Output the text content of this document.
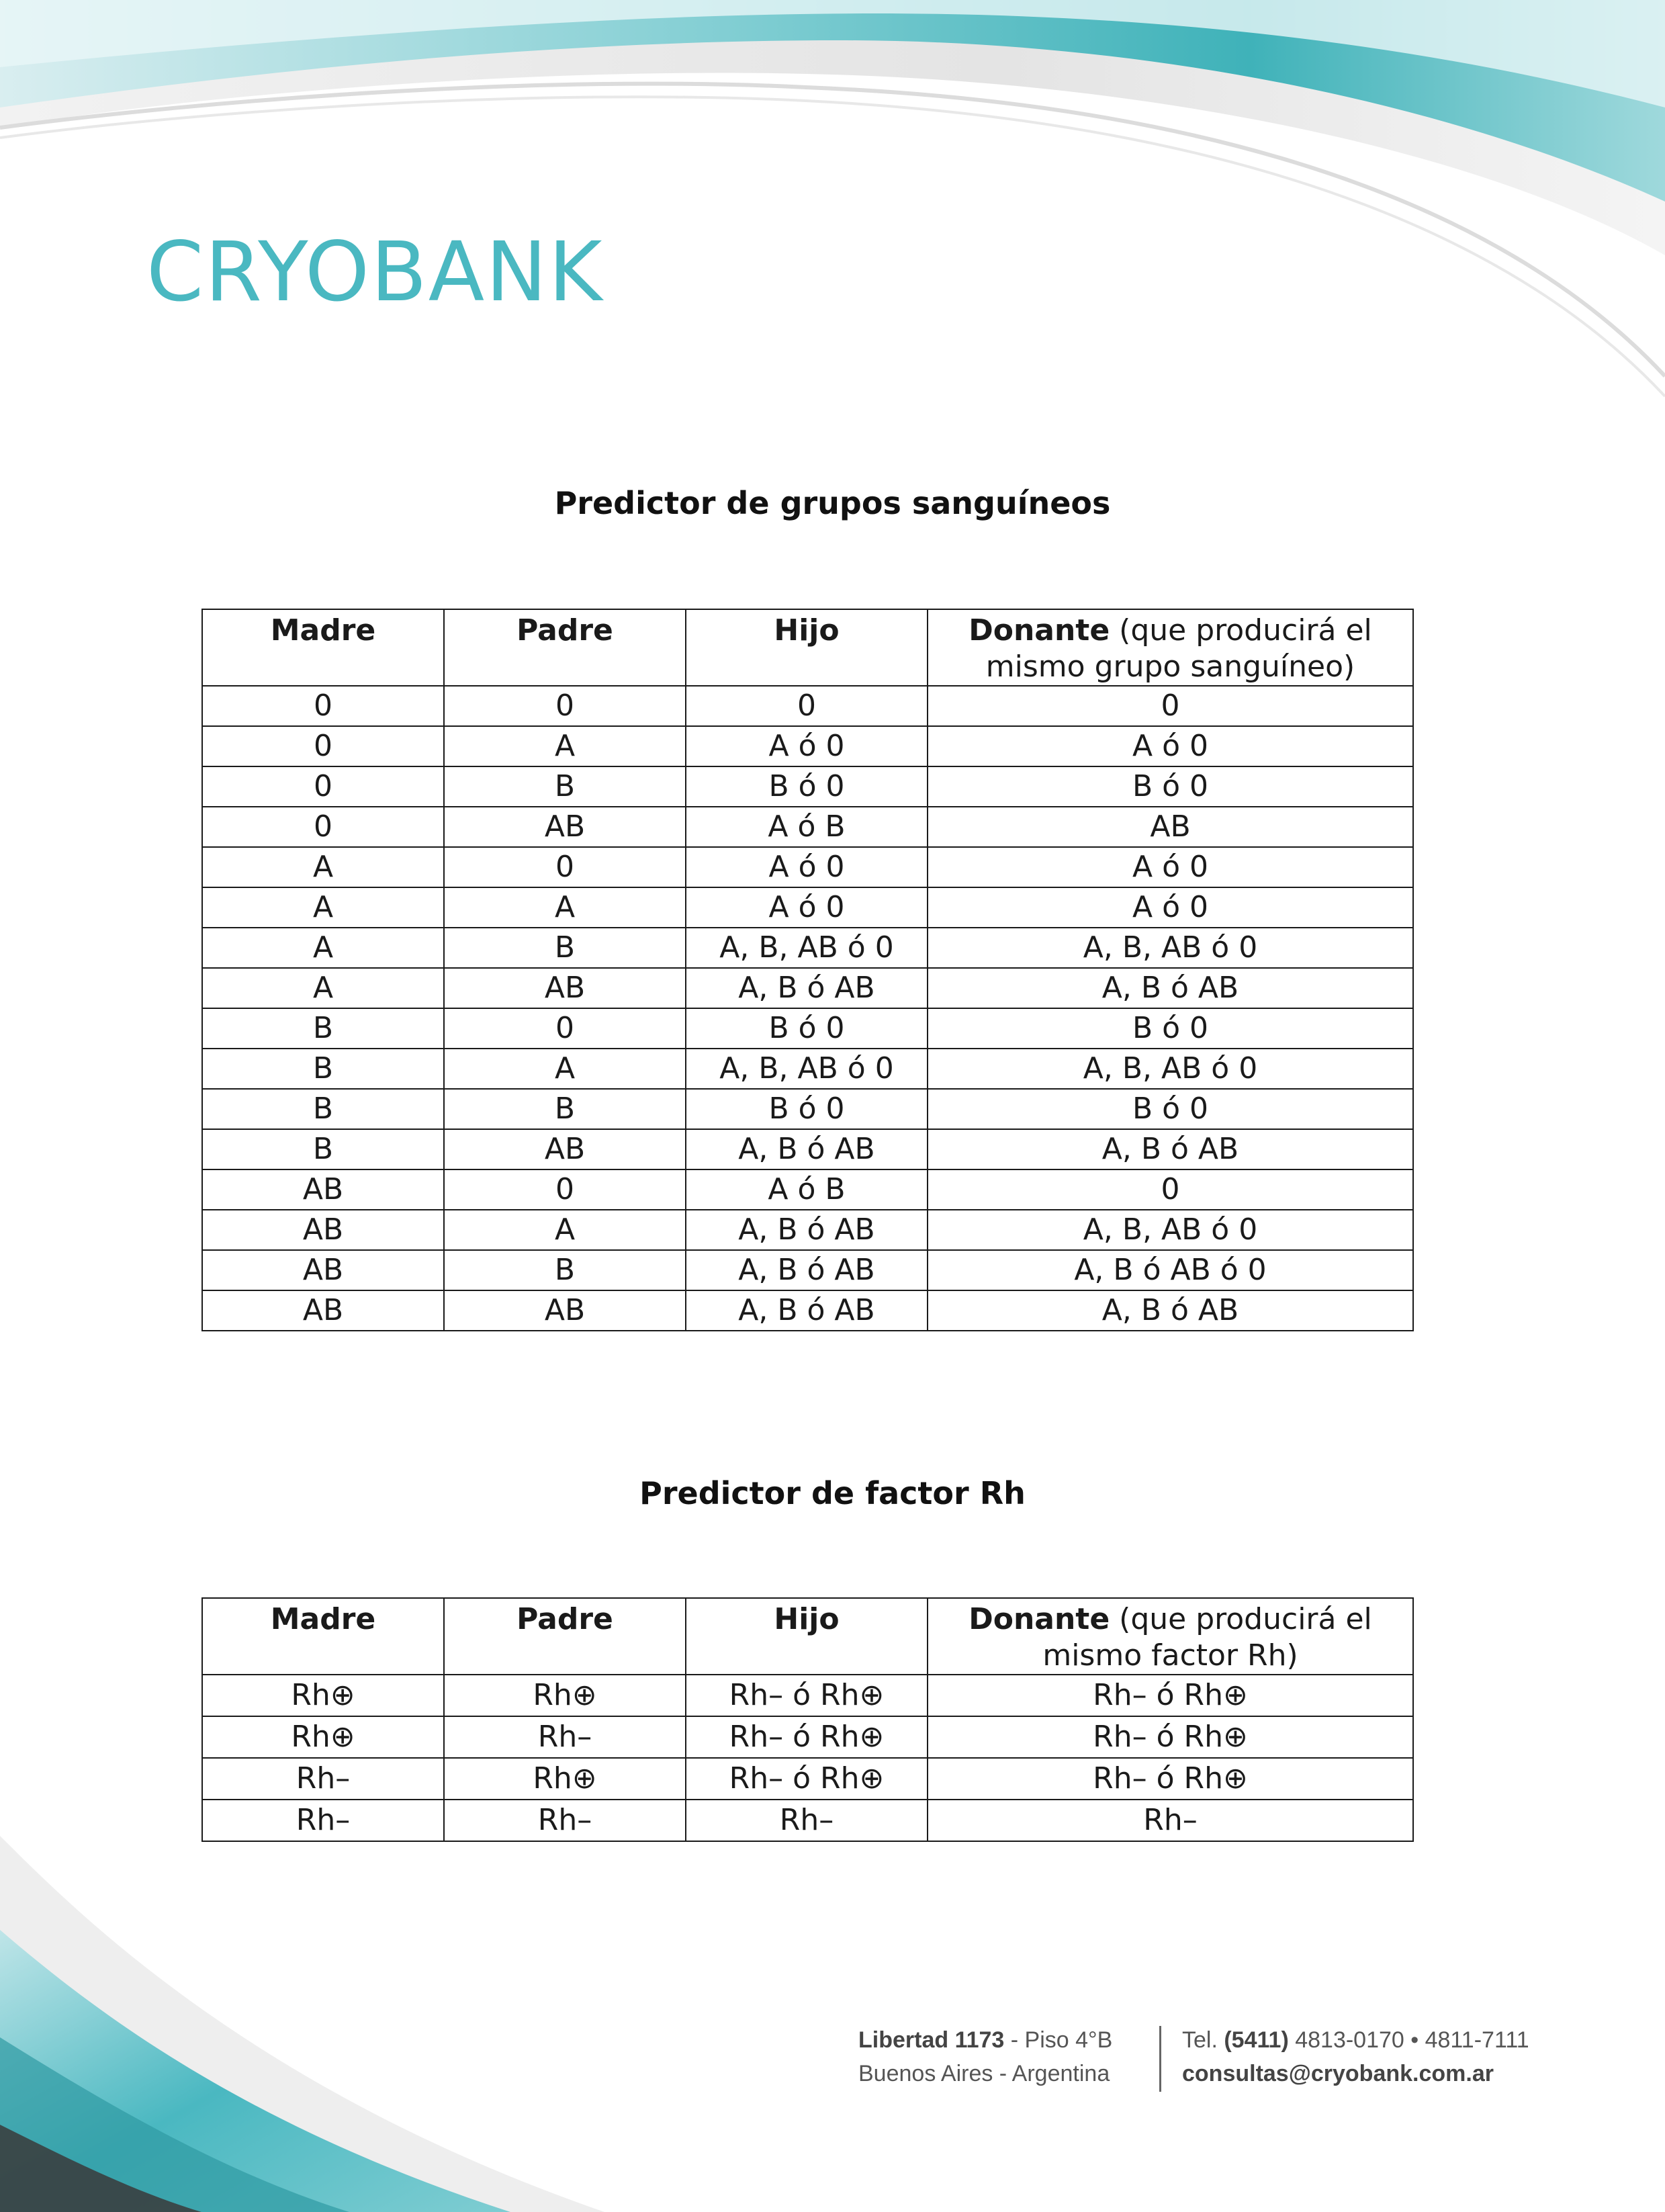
CRYOBANK
Predictor de grupos sanguíneos
Madre	Padre	Hijo	Donante (que producirá el mismo grupo sanguíneo)
0	0	0	0
0	A	A ó 0	A ó 0
0	B	B ó 0	B ó 0
0	AB	A ó B	AB
A	0	A ó 0	A ó 0
A	A	A ó 0	A ó 0
A	B	A, B, AB ó 0	A, B, AB ó 0
A	AB	A, B ó AB	A, B ó AB
B	0	B ó 0	B ó 0
B	A	A, B, AB ó 0	A, B, AB ó 0
B	B	B ó 0	B ó 0
B	AB	A, B ó AB	A, B ó AB
AB	0	A ó B	0
AB	A	A, B ó AB	A, B, AB ó 0
AB	B	A, B ó AB	A, B ó AB ó 0
AB	AB	A, B ó AB	A, B ó AB
Predictor de factor Rh
Madre	Padre	Hijo	Donante (que producirá el mismo factor Rh)
Rh⊕	Rh⊕	Rh– ó Rh⊕	Rh– ó Rh⊕
Rh⊕	Rh–	Rh– ó Rh⊕	Rh– ó Rh⊕
Rh–	Rh⊕	Rh– ó Rh⊕	Rh– ó Rh⊕
Rh–	Rh–	Rh–	Rh–
Libertad 1173 - Piso 4°B
Buenos Aires - Argentina
Tel. (5411) 4813-0170 • 4811-7111
consultas@cryobank.com.ar
